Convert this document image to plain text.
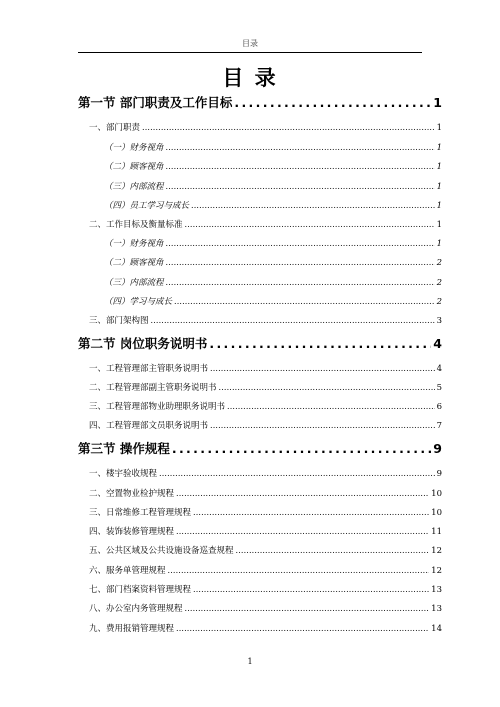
目录
目 录
第一节 部门职责及工作目标 . . .	1
一、部门职责 . . .	1
（一）财务视角 . . .	1
（二）顾客视角 . . .	1
（三）内部流程 . . .	1
（四）员工学习与成长 . . .	1
二、工作目标及衡量标准 . . .	1
（一）财务视角 . . .	1
（二）顾客视角 . . .	2
（三）内部流程 . . .	2
（四）学习与成长 . . .	2
三、部门架构图 . . .	3
第二节 岗位职务说明书 . . .	4
一、工程管理部主管职务说明书 . . .	4
二、工程管理部副主管职务说明书 . . .	5
三、工程管理部物业助理职务说明书 . . .	6
四、工程管理部文员职务说明书 . . .	7
第三节 操作规程 . . .	9
一、楼宇验收规程 . . .	9
二、空置物业检护规程 . . .	10
三、日常维修工程管理规程 . . .	10
四、装饰装修管理规程 . . .	11
五、公共区域及公共设施设备巡查规程 . . .	12
六、服务单管理规程 . . .	12
七、部门档案资料管理规程 . . .	13
八、办公室内务管理规程 . . .	13
九、费用报销管理规程 . . .	14
1
